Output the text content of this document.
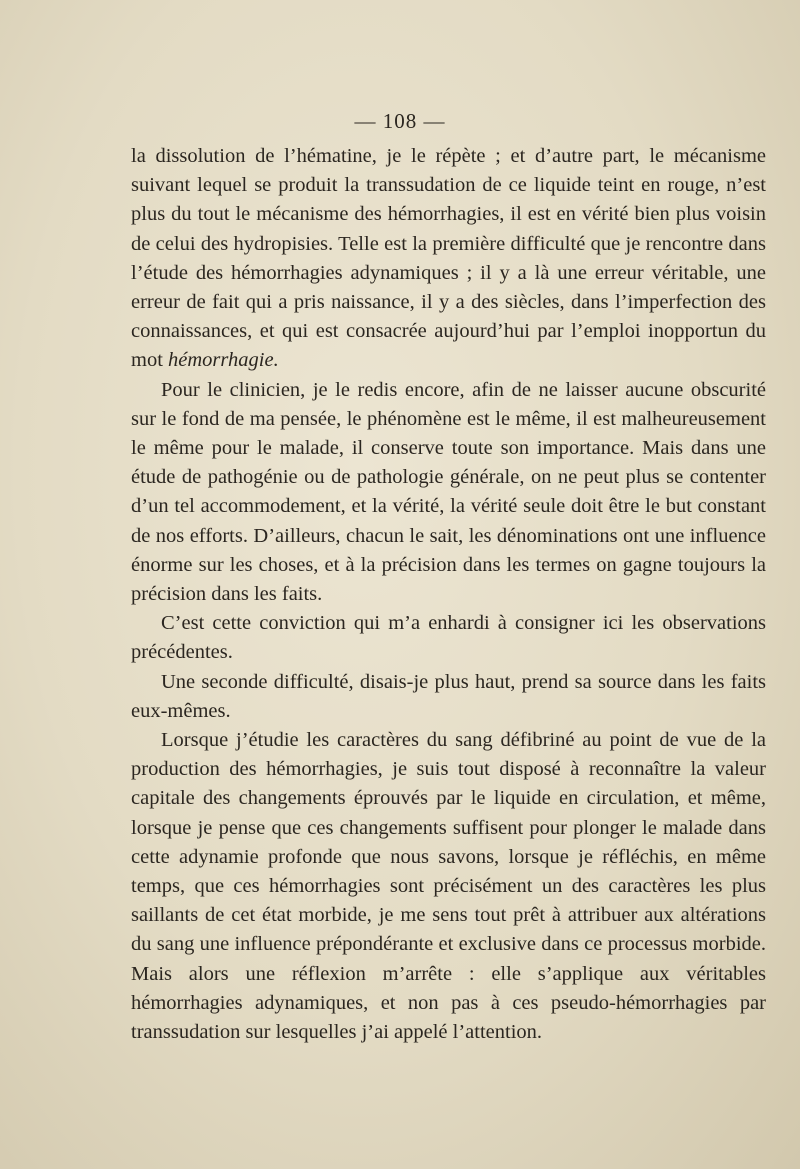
— 108 —

la dissolution de l’hématine, je le répète ; et d’autre part, le mécanisme suivant lequel se produit la transsudation de ce liquide teint en rouge, n’est plus du tout le mécanisme des hémorrhagies, il est en vérité bien plus voisin de celui des hydropisies. Telle est la première difficulté que je rencontre dans l’étude des hémorrhagies adynamiques ; il y a là une erreur véritable, une erreur de fait qui a pris naissance, il y a des siècles, dans l’imperfection des connaissances, et qui est consacrée aujourd’hui par l’emploi inopportun du mot hémorrhagie.

Pour le clinicien, je le redis encore, afin de ne laisser aucune obscurité sur le fond de ma pensée, le phénomène est le même, il est malheureusement le même pour le malade, il conserve toute son importance. Mais dans une étude de pathogénie ou de pathologie générale, on ne peut plus se contenter d’un tel accommodement, et la vérité, la vérité seule doit être le but constant de nos efforts. D’ailleurs, chacun le sait, les dénominations ont une influence énorme sur les choses, et à la précision dans les termes on gagne toujours la précision dans les faits.

C’est cette conviction qui m’a enhardi à consigner ici les observations précédentes.

Une seconde difficulté, disais-je plus haut, prend sa source dans les faits eux-mêmes.

Lorsque j’étudie les caractères du sang défibriné au point de vue de la production des hémorrhagies, je suis tout disposé à reconnaître la valeur capitale des changements éprouvés par le liquide en circulation, et même, lorsque je pense que ces changements suffisent pour plonger le malade dans cette adynamie profonde que nous savons, lorsque je réfléchis, en même temps, que ces hémorrhagies sont précisément un des caractères les plus saillants de cet état morbide, je me sens tout prêt à attribuer aux altérations du sang une influence prépondérante et exclusive dans ce processus morbide. Mais alors une réflexion m’arrête : elle s’applique aux véritables hémorrhagies adynamiques, et non pas à ces pseudo-hémorrhagies par transsudation sur lesquelles j’ai appelé l’attention.
